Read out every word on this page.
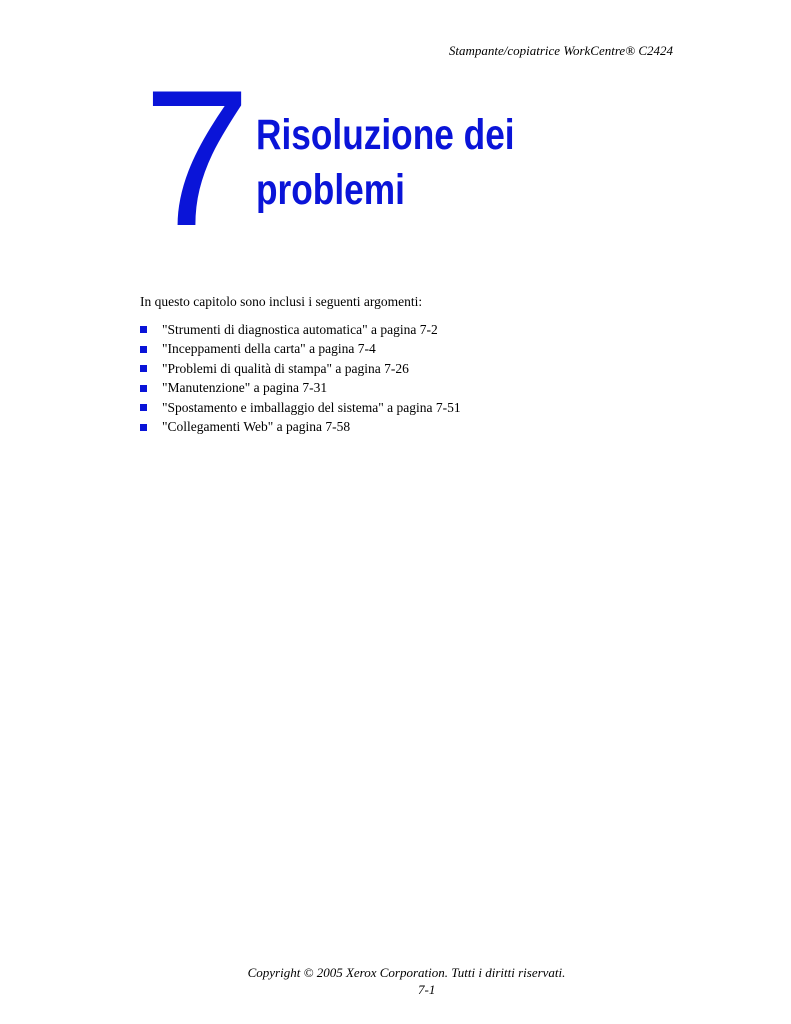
Stampante/copiatrice WorkCentre® C2424
7 Risoluzione dei
problemi
In questo capitolo sono inclusi i seguenti argomenti:
"Strumenti di diagnostica automatica" a pagina 7-2
"Inceppamenti della carta" a pagina 7-4
"Problemi di qualità di stampa" a pagina 7-26
"Manutenzione" a pagina 7-31
"Spostamento e imballaggio del sistema" a pagina 7-51
"Collegamenti Web" a pagina 7-58
Copyright © 2005 Xerox Corporation. Tutti i diritti riservati.
7-1
